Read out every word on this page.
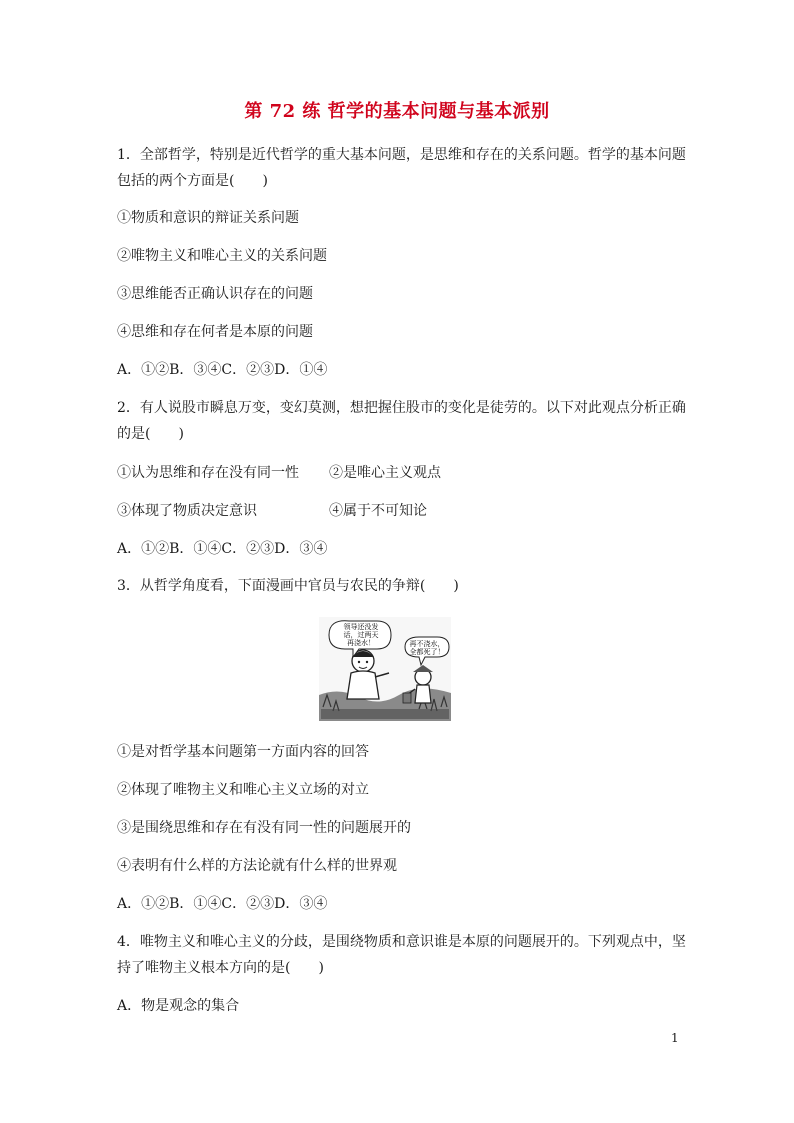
第 72 练 哲学的基本问题与基本派别
1．全部哲学，特别是近代哲学的重大基本问题，是思维和存在的关系问题。哲学的基本问题
包括的两个方面是(　　)
①物质和意识的辩证关系问题
②唯物主义和唯心主义的关系问题
③思维能否正确认识存在的问题
④思维和存在何者是本原的问题
A．①②B．③④C．②③D．①④
2．有人说股市瞬息万变，变幻莫测，想把握住股市的变化是徒劳的。以下对此观点分析正确
的是(　　)
①认为思维和存在没有同一性 ②是唯心主义观点
③体现了物质决定意识	④属于不可知论
A．①②B．①④C．②③D．③④
3．从哲学角度看，下面漫画中官员与农民的争辩(　　)
领导还没发
话，过两天
再浇水！	再不浇水，
全都死了！
①是对哲学基本问题第一方面内容的回答
②体现了唯物主义和唯心主义立场的对立
③是围绕思维和存在有没有同一性的问题展开的
④表明有什么样的方法论就有什么样的世界观
A．①②B．①④C．②③D．③④
4．唯物主义和唯心主义的分歧，是围绕物质和意识谁是本原的问题展开的。下列观点中，坚
持了唯物主义根本方向的是(　　)
A．物是观念的集合
1
